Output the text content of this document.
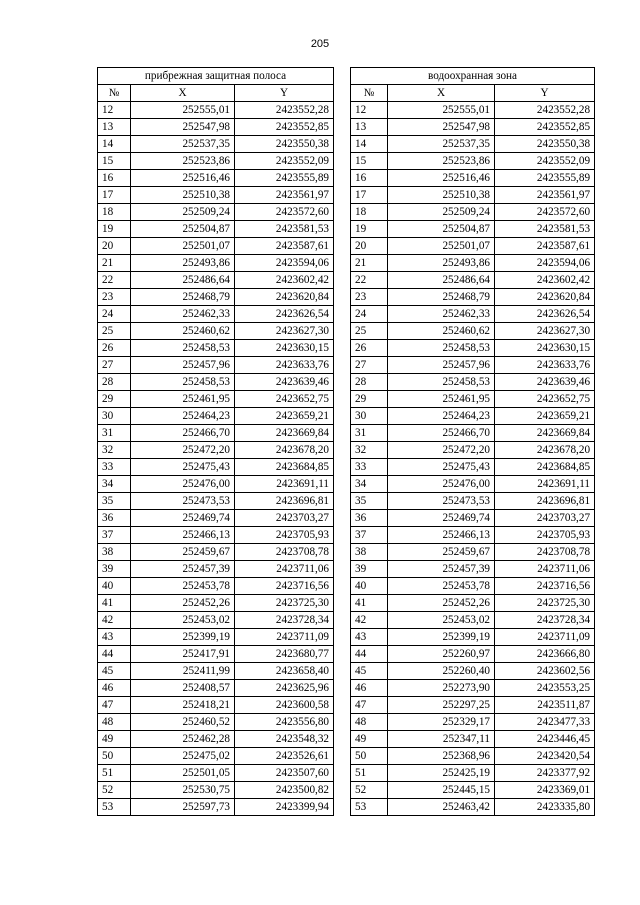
205
прибрежная защитная полоса		
№	X	Y
12	252555,01	2423552,28
13	252547,98	2423552,85
14	252537,35	2423550,38
15	252523,86	2423552,09
16	252516,46	2423555,89
17	252510,38	2423561,97
18	252509,24	2423572,60
19	252504,87	2423581,53
20	252501,07	2423587,61
21	252493,86	2423594,06
22	252486,64	2423602,42
23	252468,79	2423620,84
24	252462,33	2423626,54
25	252460,62	2423627,30
26	252458,53	2423630,15
27	252457,96	2423633,76
28	252458,53	2423639,46
29	252461,95	2423652,75
30	252464,23	2423659,21
31	252466,70	2423669,84
32	252472,20	2423678,20
33	252475,43	2423684,85
34	252476,00	2423691,11
35	252473,53	2423696,81
36	252469,74	2423703,27
37	252466,13	2423705,93
38	252459,67	2423708,78
39	252457,39	2423711,06
40	252453,78	2423716,56
41	252452,26	2423725,30
42	252453,02	2423728,34
43	252399,19	2423711,09
44	252417,91	2423680,77
45	252411,99	2423658,40
46	252408,57	2423625,96
47	252418,21	2423600,58
48	252460,52	2423556,80
49	252462,28	2423548,32
50	252475,02	2423526,61
51	252501,05	2423507,60
52	252530,75	2423500,82
53	252597,73	2423399,94
водоохранная зона		
№	X	Y
12	252555,01	2423552,28
13	252547,98	2423552,85
14	252537,35	2423550,38
15	252523,86	2423552,09
16	252516,46	2423555,89
17	252510,38	2423561,97
18	252509,24	2423572,60
19	252504,87	2423581,53
20	252501,07	2423587,61
21	252493,86	2423594,06
22	252486,64	2423602,42
23	252468,79	2423620,84
24	252462,33	2423626,54
25	252460,62	2423627,30
26	252458,53	2423630,15
27	252457,96	2423633,76
28	252458,53	2423639,46
29	252461,95	2423652,75
30	252464,23	2423659,21
31	252466,70	2423669,84
32	252472,20	2423678,20
33	252475,43	2423684,85
34	252476,00	2423691,11
35	252473,53	2423696,81
36	252469,74	2423703,27
37	252466,13	2423705,93
38	252459,67	2423708,78
39	252457,39	2423711,06
40	252453,78	2423716,56
41	252452,26	2423725,30
42	252453,02	2423728,34
43	252399,19	2423711,09
44	252260,97	2423666,80
45	252260,40	2423602,56
46	252273,90	2423553,25
47	252297,25	2423511,87
48	252329,17	2423477,33
49	252347,11	2423446,45
50	252368,96	2423420,54
51	252425,19	2423377,92
52	252445,15	2423369,01
53	252463,42	2423335,80
